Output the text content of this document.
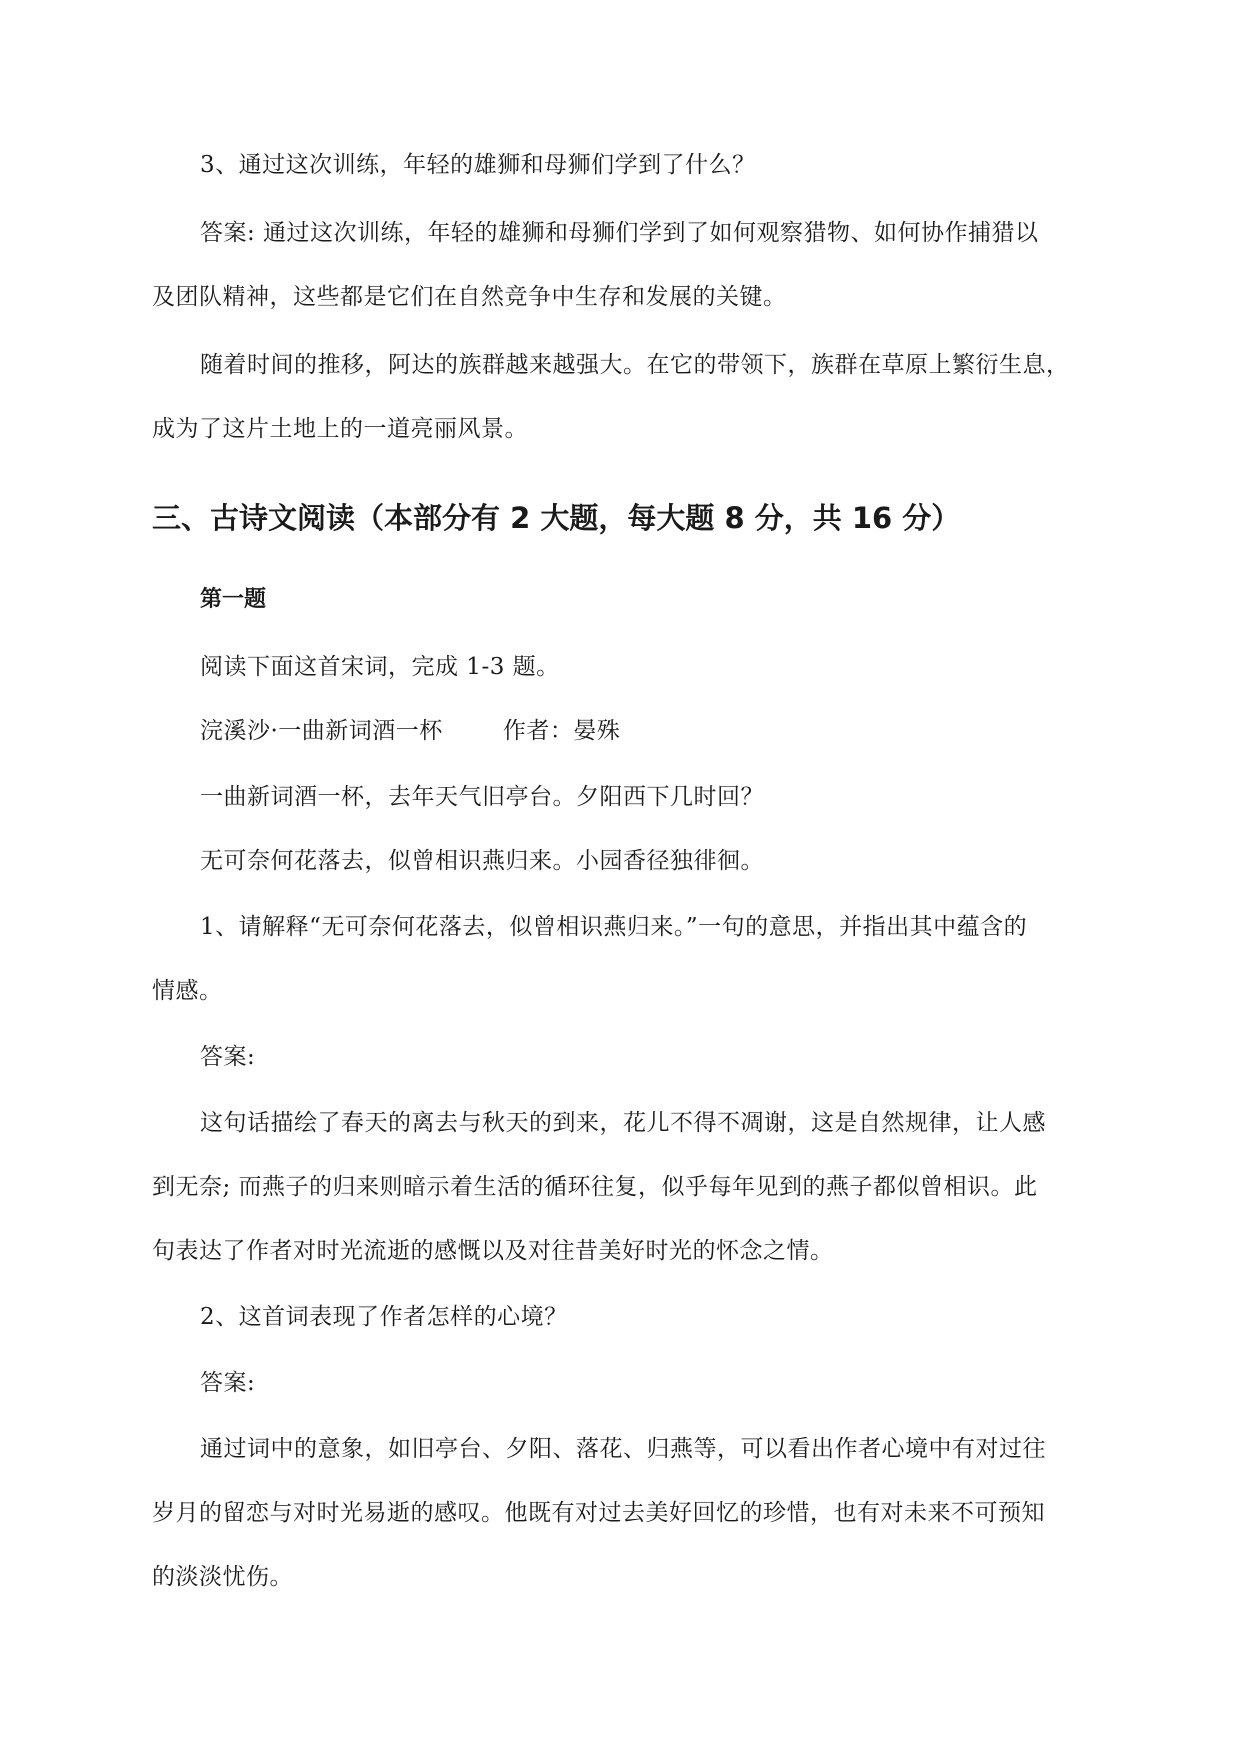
3、通过这次训练，年轻的雄狮和母狮们学到了什么？
答案: 通过这次训练，年轻的雄狮和母狮们学到了如何观察猎物、如何协作捕猎以
及团队精神，这些都是它们在自然竞争中生存和发展的关键。
随着时间的推移，阿达的族群越来越强大。在它的带领下，族群在草原上繁衍生息，
成为了这片土地上的一道亮丽风景。
三、古诗文阅读（本部分有 2 大题，每大题 8 分，共 16 分）
第一题
阅读下面这首宋词，完成 1-3 题。
浣溪沙·一曲新词酒一杯	作者：晏殊
一曲新词酒一杯，去年天气旧亭台。夕阳西下几时回？
无可奈何花落去，似曾相识燕归来。小园香径独徘徊。
1、请解释“无可奈何花落去，似曾相识燕归来。”一句的意思，并指出其中蕴含的
情感。
答案:
这句话描绘了春天的离去与秋天的到来，花儿不得不凋谢，这是自然规律，让人感
到无奈; 而燕子的归来则暗示着生活的循环往复，似乎每年见到的燕子都似曾相识。此
句表达了作者对时光流逝的感慨以及对往昔美好时光的怀念之情。
2、这首词表现了作者怎样的心境？
答案:
通过词中的意象，如旧亭台、夕阳、落花、归燕等，可以看出作者心境中有对过往
岁月的留恋与对时光易逝的感叹。他既有对过去美好回忆的珍惜，也有对未来不可预知
的淡淡忧伤。
